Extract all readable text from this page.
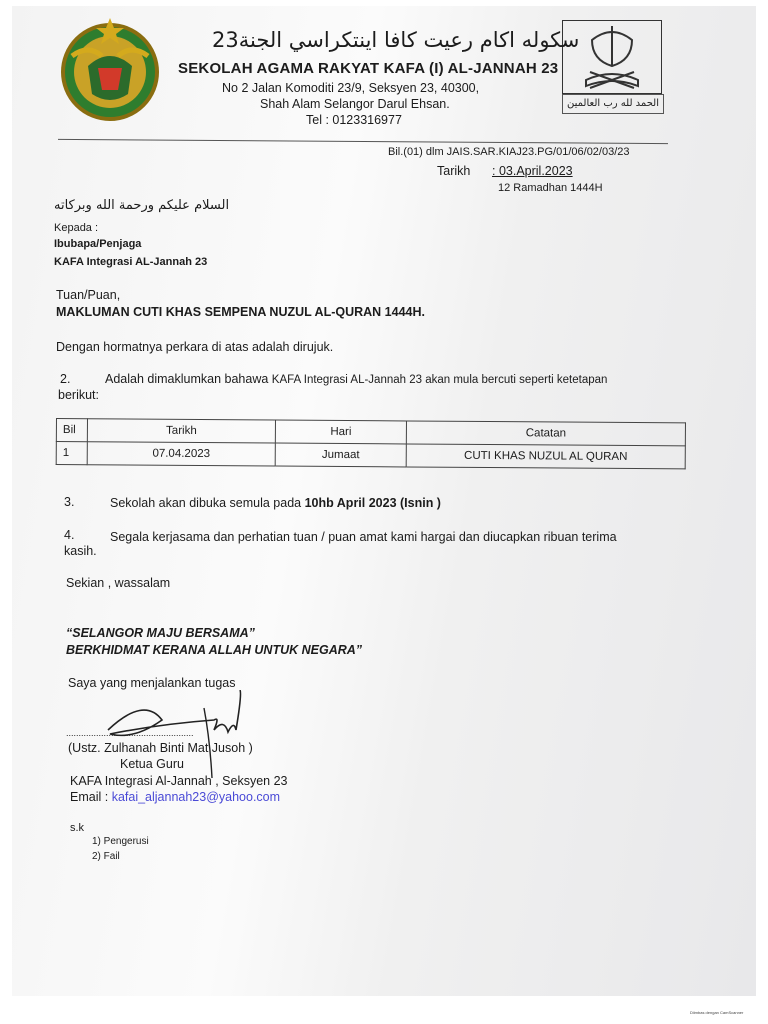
الحمد لله رب العالمين
سكوله اكام رعيت كافا اينتكراسي الجنة23
SEKOLAH AGAMA RAKYAT KAFA (I) AL-JANNAH 23
No 2 Jalan Komoditi 23/9, Seksyen 23, 40300,
Shah Alam Selangor Darul Ehsan.
Tel : 0123316977
Bil.(01) dlm JAIS.SAR.KIAJ23.PG/01/06/02/03/23
Tarikh : 03.April.2023
12 Ramadhan 1444H
السلام عليكم ورحمة الله وبركاته
Kepada :
Ibubapa/Penjaga
KAFA Integrasi AL-Jannah 23
Tuan/Puan,
MAKLUMAN CUTI KHAS SEMPENA NUZUL AL-QURAN 1444H.
Dengan hormatnya perkara di atas adalah dirujuk.
2.	Adalah dimaklumkan bahawa KAFA Integrasi AL-Jannah 23 akan mula bercuti seperti ketetapan
berikut:
Bil	Tarikh	Hari	Catatan
1	07.04.2023	Jumaat	CUTI KHAS NUZUL AL QURAN
3.	Sekolah akan dibuka semula pada 10hb April 2023 (Isnin )
4.	Segala kerjasama dan perhatian tuan / puan amat kami hargai dan diucapkan ribuan terima
kasih.
Sekian , wassalam
“SELANGOR MAJU BERSAMA”
BERKHIDMAT KERANA ALLAH UNTUK NEGARA”
Saya yang menjalankan tugas
...................................................
(Ustz. Zulhanah Binti Mat Jusoh )
Ketua Guru
KAFA Integrasi Al-Jannah , Seksyen 23
Email : kafai_aljannah23@yahoo.com
s.k
1) Pengerusi
2) Fail
Diimbas dengan CamScanner
